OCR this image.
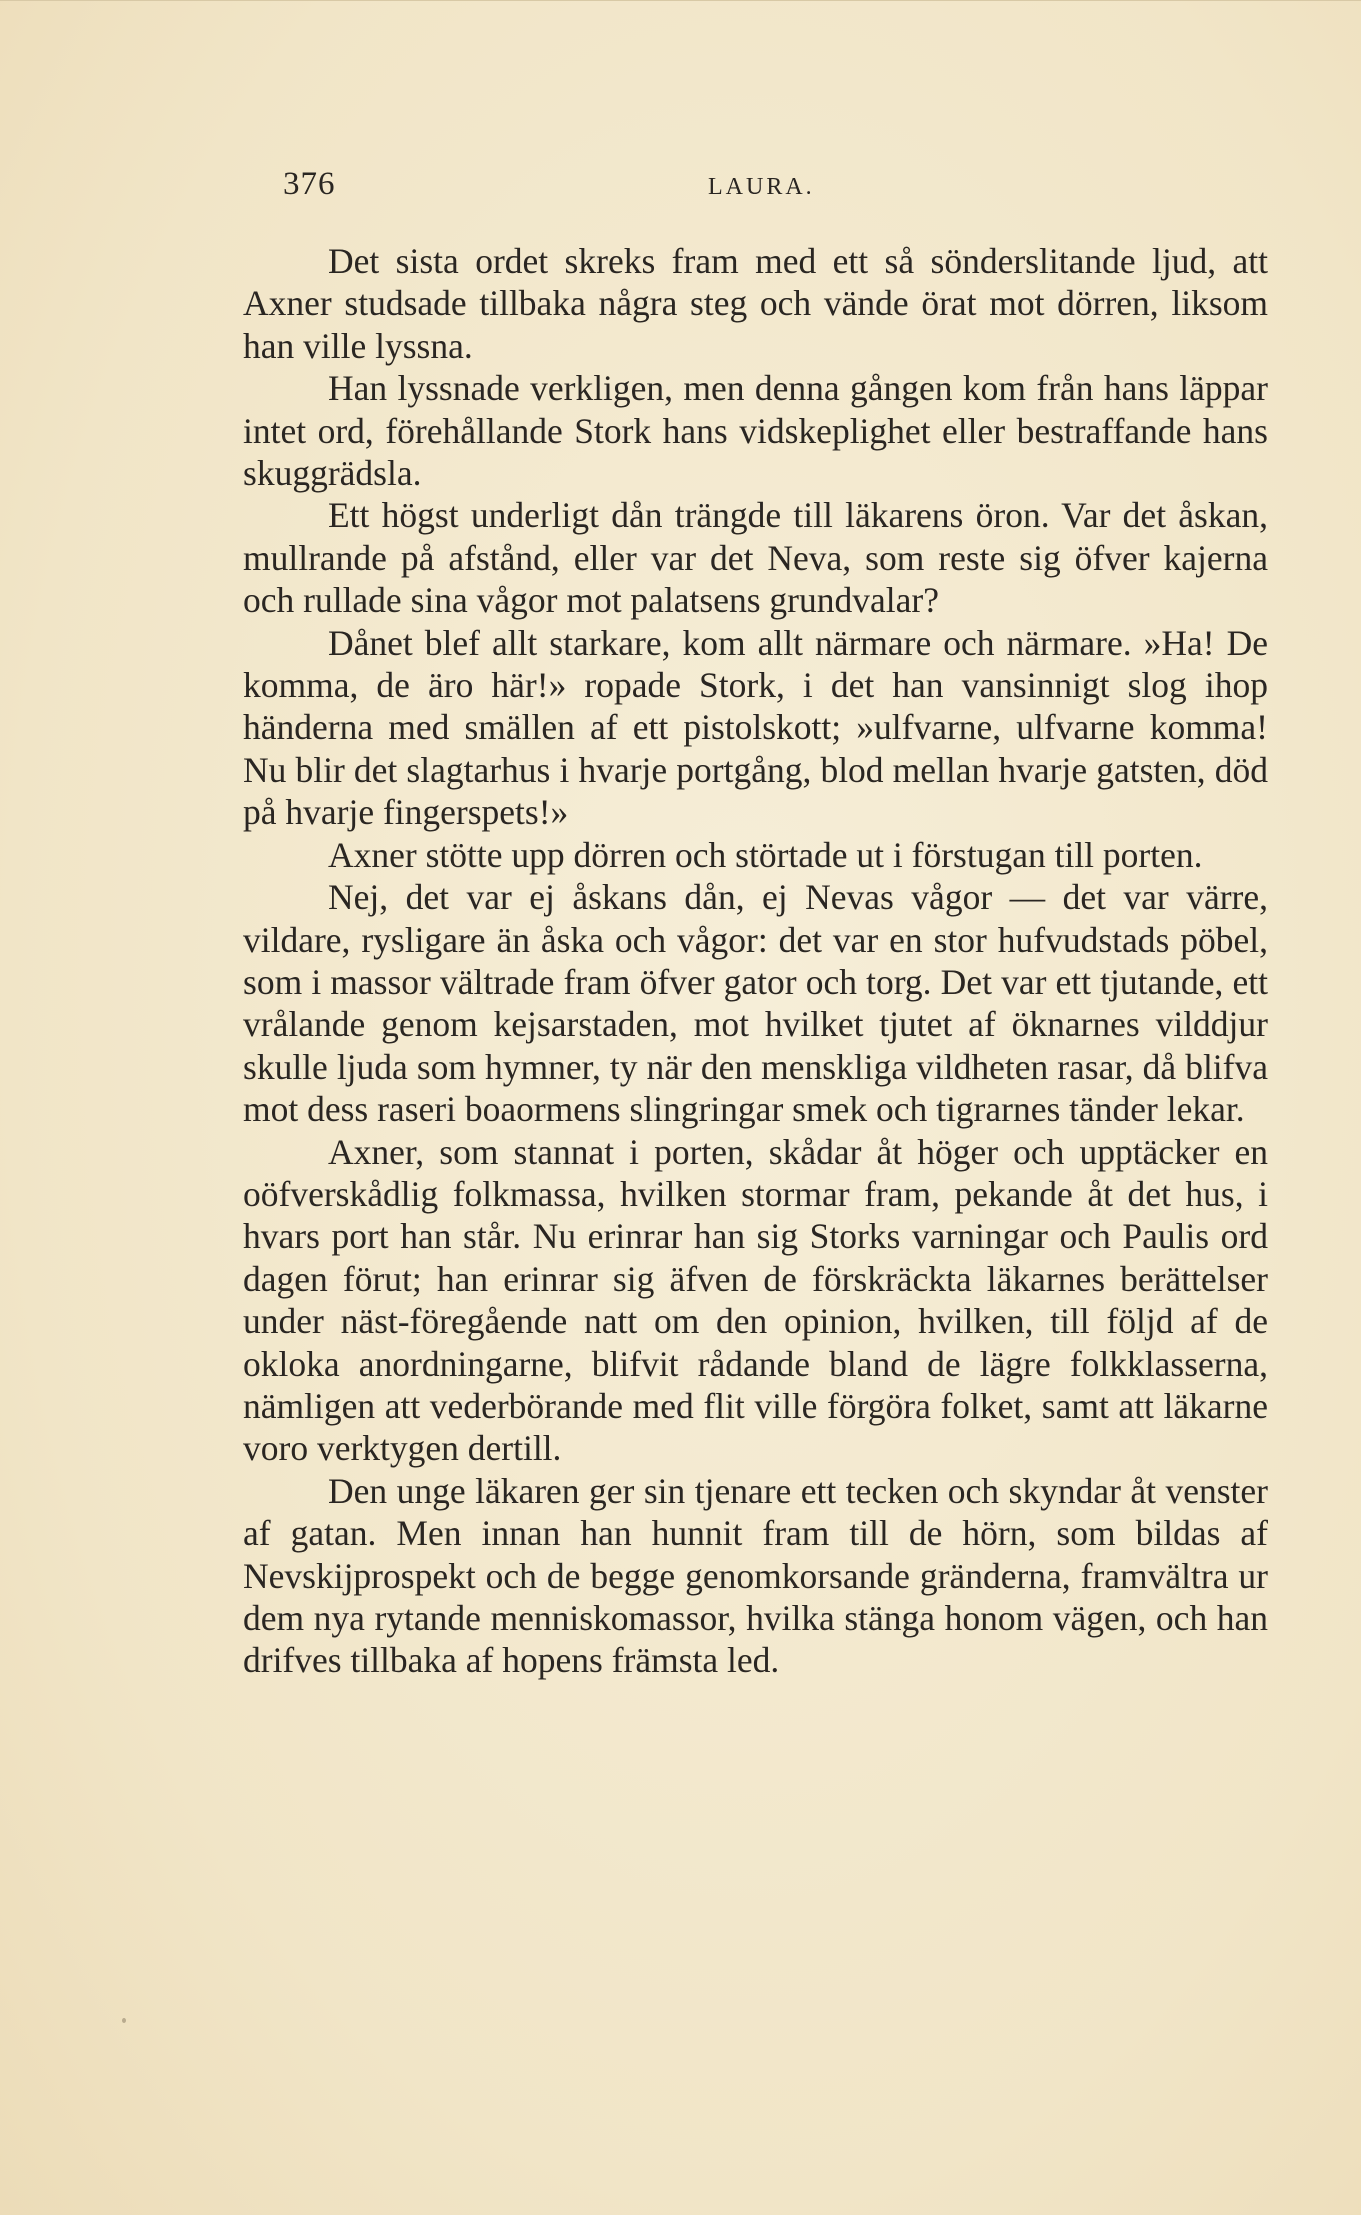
376	LAURA.

Det sista ordet skreks fram med ett så sönderslitande ljud, att Axner studsade tillbaka några steg och vände örat mot dörren, liksom han ville lyssna.

Han lyssnade verkligen, men denna gången kom från hans läppar intet ord, förehållande Stork hans vidskeplighet eller bestraffande hans skuggrädsla.

Ett högst underligt dån trängde till läkarens öron. Var det åskan, mullrande på afstånd, eller var det Neva, som reste sig öfver kajerna och rullade sina vågor mot palatsens grundvalar?

Dånet blef allt starkare, kom allt närmare och närmare. »Ha! De komma, de äro här!» ropade Stork, i det han vansinnigt slog ihop händerna med smällen af ett pistolskott; »ulfvarne, ulfvarne komma! Nu blir det slagtarhus i hvarje portgång, blod mellan hvarje gatsten, död på hvarje fingerspets!»

Axner stötte upp dörren och störtade ut i förstugan till porten.

Nej, det var ej åskans dån, ej Nevas vågor — det var värre, vildare, rysligare än åska och vågor: det var en stor hufvudstads pöbel, som i massor vältrade fram öfver gator och torg. Det var ett tjutande, ett vrålande genom kejsarstaden, mot hvilket tjutet af öknarnes vilddjur skulle ljuda som hymner, ty när den menskliga vildheten rasar, då blifva mot dess raseri boaormens slingringar smek och tigrarnes tänder lekar.

Axner, som stannat i porten, skådar åt höger och upptäcker en oöfverskådlig folkmassa, hvilken stormar fram, pekande åt det hus, i hvars port han står. Nu erinrar han sig Storks varningar och Paulis ord dagen förut; han erinrar sig äfven de förskräckta läkarnes berättelser under näst-föregående natt om den opinion, hvilken, till följd af de okloka anordningarne, blifvit rådande bland de lägre folkklasserna, nämligen att vederbörande med flit ville förgöra folket, samt att läkarne voro verktygen dertill.

Den unge läkaren ger sin tjenare ett tecken och skyndar åt venster af gatan. Men innan han hunnit fram till de hörn, som bildas af Nevskijprospekt och de begge genomkorsande gränderna, framvältra ur dem nya rytande menniskomassor, hvilka stänga honom vägen, och han drifves tillbaka af hopens främsta led.
